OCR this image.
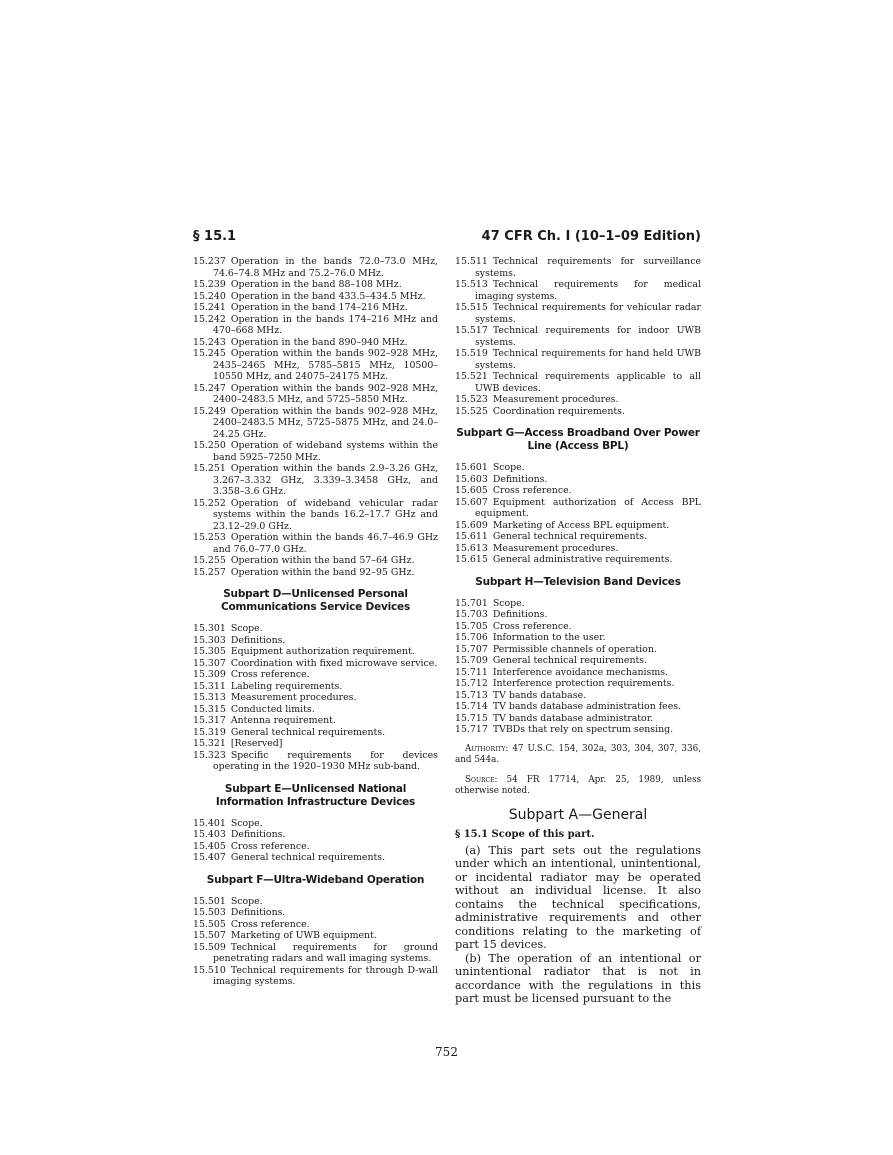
§ 15.1	47 CFR Ch. I (10–1–09 Edition)
15.237 Operation in the bands 72.0–73.0 MHz, 74.6–74.8 MHz and 75.2–76.0 MHz.
15.239 Operation in the band 88–108 MHz.
15.240 Operation in the band 433.5–434.5 MHz.
15.241 Operation in the band 174–216 MHz.
15.242 Operation in the bands 174–216 MHz and 470–668 MHz.
15.243 Operation in the band 890–940 MHz.
15.245 Operation within the bands 902–928 MHz, 2435–2465 MHz, 5785–5815 MHz, 10500–10550 MHz, and 24075–24175 MHz.
15.247 Operation within the bands 902–928 MHz, 2400–2483.5 MHz, and 5725–5850 MHz.
15.249 Operation within the bands 902–928 MHz, 2400–2483.5 MHz, 5725–5875 MHz, and 24.0–24.25 GHz.
15.250 Operation of wideband systems within the band 5925–7250 MHz.
15.251 Operation within the bands 2.9–3.26 GHz, 3.267–3.332 GHz, 3.339–3.3458 GHz, and 3.358–3.6 GHz.
15.252 Operation of wideband vehicular radar systems within the bands 16.2–17.7 GHz and 23.12–29.0 GHz.
15.253 Operation within the bands 46.7–46.9 GHz and 76.0–77.0 GHz.
15.255 Operation within the band 57–64 GHz.
15.257 Operation within the band 92–95 GHz.
Subpart D—Unlicensed Personal Communications Service Devices
15.301 Scope.
15.303 Definitions.
15.305 Equipment authorization requirement.
15.307 Coordination with fixed microwave service.
15.309 Cross reference.
15.311 Labeling requirements.
15.313 Measurement procedures.
15.315 Conducted limits.
15.317 Antenna requirement.
15.319 General technical requirements.
15.321 [Reserved]
15.323 Specific requirements for devices operating in the 1920–1930 MHz sub-band.
Subpart E—Unlicensed National Information Infrastructure Devices
15.401 Scope.
15.403 Definitions.
15.405 Cross reference.
15.407 General technical requirements.
Subpart F—Ultra-Wideband Operation
15.501 Scope.
15.503 Definitions.
15.505 Cross reference.
15.507 Marketing of UWB equipment.
15.509 Technical requirements for ground penetrating radars and wall imaging systems.
15.510 Technical requirements for through D-wall imaging systems.
15.511 Technical requirements for surveillance systems.
15.513 Technical requirements for medical imaging systems.
15.515 Technical requirements for vehicular radar systems.
15.517 Technical requirements for indoor UWB systems.
15.519 Technical requirements for hand held UWB systems.
15.521 Technical requirements applicable to all UWB devices.
15.523 Measurement procedures.
15.525 Coordination requirements.
Subpart G—Access Broadband Over Power Line (Access BPL)
15.601 Scope.
15.603 Definitions.
15.605 Cross reference.
15.607 Equipment authorization of Access BPL equipment.
15.609 Marketing of Access BPL equipment.
15.611 General technical requirements.
15.613 Measurement procedures.
15.615 General administrative requirements.
Subpart H—Television Band Devices
15.701 Scope.
15.703 Definitions.
15.705 Cross reference.
15.706 Information to the user.
15.707 Permissible channels of operation.
15.709 General technical requirements.
15.711 Interference avoidance mechanisms.
15.712 Interference protection requirements.
15.713 TV bands database.
15.714 TV bands database administration fees.
15.715 TV bands database administrator.
15.717 TVBDs that rely on spectrum sensing.

Authority: 47 U.S.C. 154, 302a, 303, 304, 307, 336, and 544a.

Source: 54 FR 17714, Apr. 25, 1989, unless otherwise noted.

Subpart A—General
§ 15.1 Scope of this part.

(a) This part sets out the regulations under which an intentional, unintentional, or incidental radiator may be operated without an individual license. It also contains the technical specifications, administrative requirements and other conditions relating to the marketing of part 15 devices.

(b) The operation of an intentional or unintentional radiator that is not in accordance with the regulations in this part must be licensed pursuant to the

752
